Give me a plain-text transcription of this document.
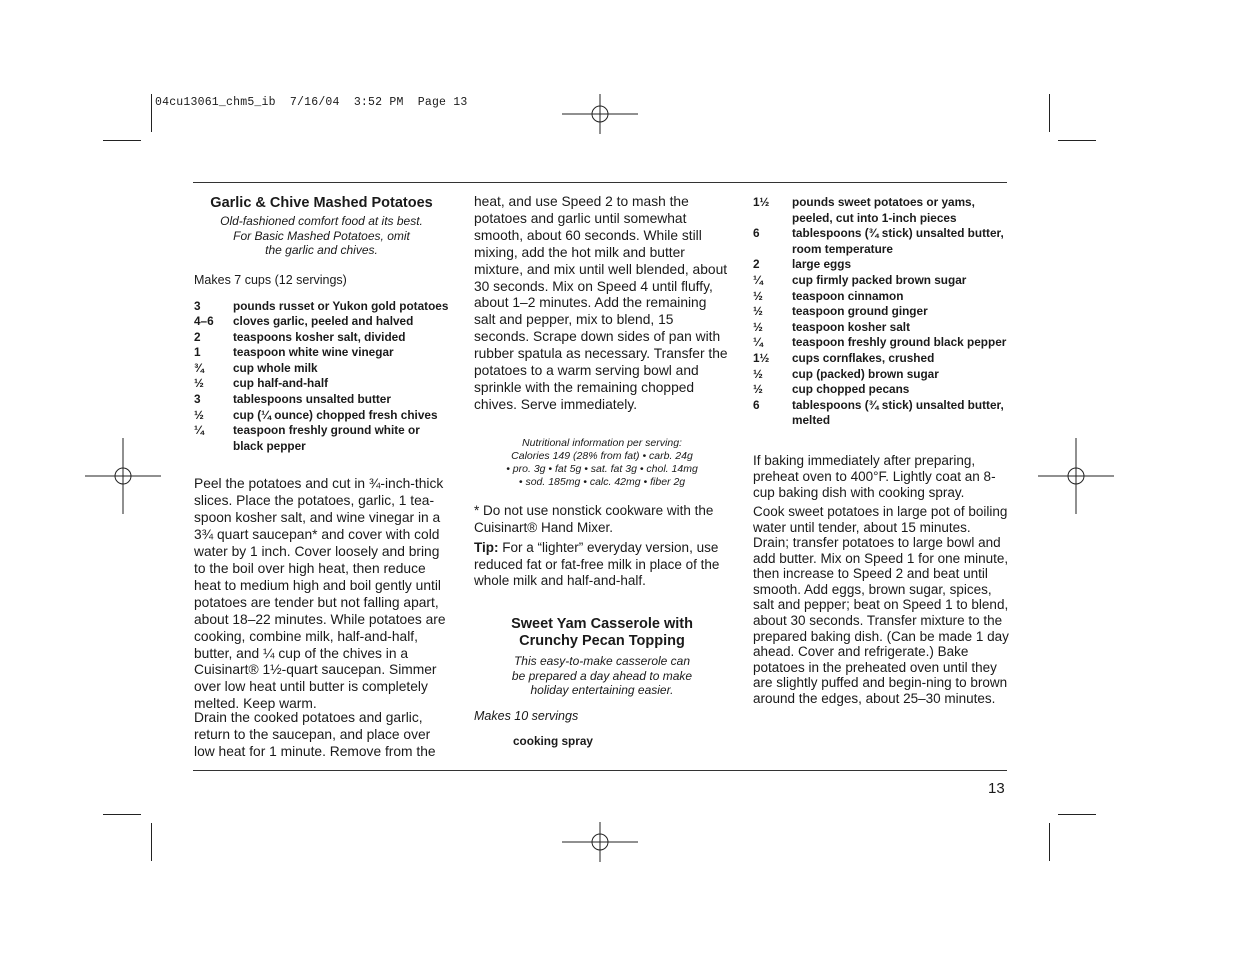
04cu13061_chm5_ib  7/16/04  3:52 PM  Page 13
Garlic & Chive Mashed Potatoes
Old-fashioned comfort food at its best.
For Basic Mashed Potatoes, omit
the garlic and chives.
Makes 7 cups (12 servings)
3	pounds russet or Yukon gold potatoes
4–6	cloves garlic, peeled and halved
2	teaspoons kosher salt, divided
1	teaspoon white wine vinegar
¾	cup whole milk
½	cup half-and-half
3	tablespoons unsalted butter
½	cup (¼ ounce) chopped fresh chives
¼	teaspoon freshly ground white or black pepper
Peel the potatoes and cut in ¾-inch-thick slices. Place the potatoes, garlic, 1 tea-spoon kosher salt, and wine vinegar in a 3¾ quart saucepan* and cover with cold water by 1 inch. Cover loosely and bring to the boil over high heat, then reduce heat to medium high and boil gently until potatoes are tender but not falling apart, about 18–22 minutes. While potatoes are cooking, combine milk, half-and-half, butter, and ¼ cup of the chives in a Cuisinart® 1½-quart saucepan. Simmer over low heat until butter is completely melted. Keep warm.
Drain the cooked potatoes and garlic, return to the saucepan, and place over low heat for 1 minute. Remove from the
heat, and use Speed 2 to mash the potatoes and garlic until somewhat smooth, about 60 seconds. While still mixing, add the hot milk and butter mixture, and mix until well blended, about 30 seconds. Mix on Speed 4 until fluffy, about 1–2 minutes. Add the remaining salt and pepper, mix to blend, 15 seconds. Scrape down sides of pan with rubber spatula as necessary. Transfer the potatoes to a warm serving bowl and sprinkle with the remaining chopped chives. Serve immediately.
Nutritional information per serving:
Calories 149 (28% from fat) • carb. 24g
• pro. 3g • fat 5g • sat. fat 3g • chol. 14mg
• sod. 185mg • calc. 42mg • fiber 2g
* Do not use nonstick cookware with the Cuisinart® Hand Mixer.
Tip: For a “lighter” everyday version, use reduced fat or fat-free milk in place of the whole milk and half-and-half.
Sweet Yam Casserole with Crunchy Pecan Topping
This easy-to-make casserole can
be prepared a day ahead to make
holiday entertaining easier.
Makes 10 servings
cooking spray
1½	pounds sweet potatoes or yams, peeled, cut into 1-inch pieces
6	tablespoons (¾ stick) unsalted butter, room temperature
2	large eggs
¼	cup firmly packed brown sugar
½	teaspoon cinnamon
½	teaspoon ground ginger
½	teaspoon kosher salt
¼	teaspoon freshly ground black pepper
1½	cups cornflakes, crushed
½	cup (packed) brown sugar
½	cup chopped pecans
6	tablespoons (¾ stick) unsalted butter, melted
If baking immediately after preparing, preheat oven to 400°F. Lightly coat an 8-cup baking dish with cooking spray.
Cook sweet potatoes in large pot of boiling water until tender, about 15 minutes. Drain; transfer potatoes to large bowl and add butter. Mix on Speed 1 for one minute, then increase to Speed 2 and beat until smooth. Add eggs, brown sugar, spices, salt and pepper; beat on Speed 1 to blend, about 30 seconds. Transfer mixture to the prepared baking dish. (Can be made 1 day ahead. Cover and refrigerate.) Bake potatoes in the preheated oven until they are slightly puffed and begin-ning to brown around the edges, about 25–30 minutes.
13
